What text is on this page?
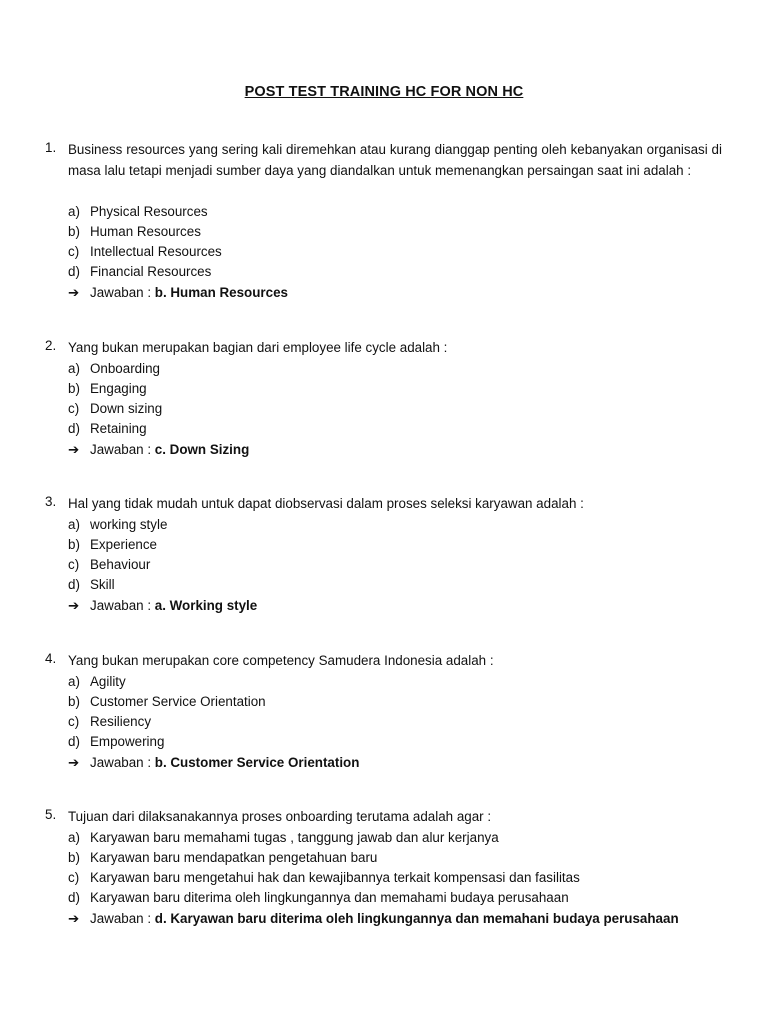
POST TEST TRAINING HC FOR NON HC
1. Business resources yang sering kali diremehkan atau kurang dianggap penting oleh kebanyakan organisasi di masa lalu tetapi menjadi sumber daya yang diandalkan untuk memenangkan persaingan saat ini adalah :
a) Physical Resources
b) Human Resources
c) Intellectual Resources
d) Financial Resources
➔ Jawaban : b. Human Resources
2. Yang bukan merupakan bagian dari employee life cycle adalah :
a) Onboarding
b) Engaging
c) Down sizing
d) Retaining
➔ Jawaban : c. Down Sizing
3. Hal yang tidak mudah untuk dapat diobservasi dalam proses seleksi karyawan adalah :
a) working style
b) Experience
c) Behaviour
d) Skill
➔ Jawaban : a. Working style
4. Yang bukan merupakan core competency Samudera Indonesia adalah :
a) Agility
b) Customer Service Orientation
c) Resiliency
d) Empowering
➔ Jawaban : b. Customer Service Orientation
5. Tujuan dari dilaksanakannya proses onboarding terutama adalah agar :
a) Karyawan baru memahami tugas , tanggung jawab dan alur kerjanya
b) Karyawan baru mendapatkan pengetahuan baru
c) Karyawan baru mengetahui hak dan kewajibannya terkait kompensasi dan fasilitas
d) Karyawan baru diterima oleh lingkungannya dan memahami budaya perusahaan
➔ Jawaban : d. Karyawan baru diterima oleh lingkungannya dan memahani budaya perusahaan
